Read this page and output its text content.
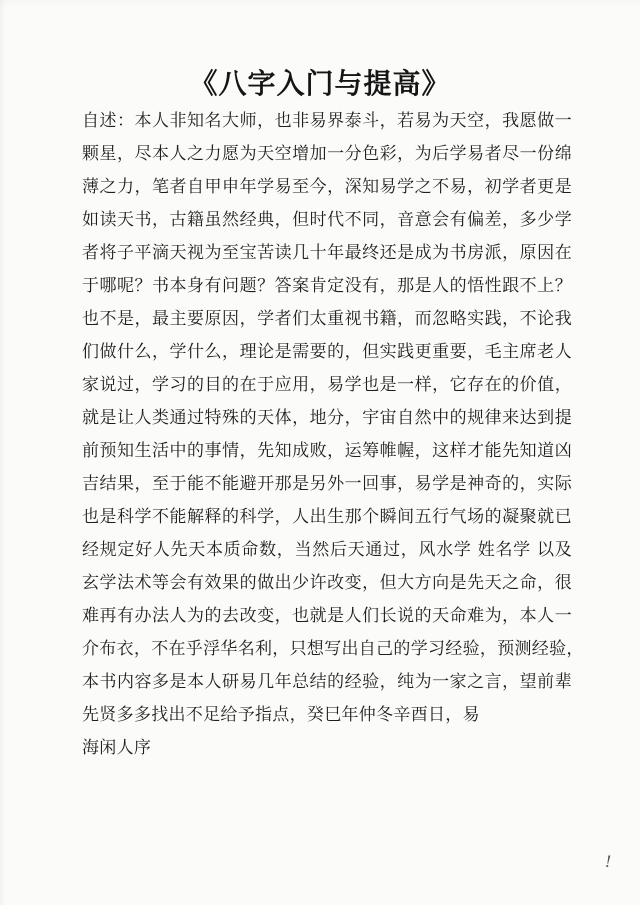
《八字入门与提高》
自述：本人非知名大师，也非易界泰斗，若易为天空，我愿做一
颗星，尽本人之力愿为天空增加一分色彩，为后学易者尽一份绵
薄之力，笔者自甲申年学易至今，深知易学之不易，初学者更是
如读天书，古籍虽然经典，但时代不同，音意会有偏差，多少学
者将子平滴天视为至宝苦读几十年最终还是成为书房派，原因在
于哪呢？书本身有问题？答案肯定没有，那是人的悟性跟不上？
也不是，最主要原因，学者们太重视书籍，而忽略实践，不论我
们做什么，学什么，理论是需要的，但实践更重要，毛主席老人
家说过，学习的目的在于应用，易学也是一样，它存在的价值，
就是让人类通过特殊的天体，地分，宇宙自然中的规律来达到提
前预知生活中的事情，先知成败，运筹帷幄，这样才能先知道凶
吉结果，至于能不能避开那是另外一回事，易学是神奇的，实际
也是科学不能解释的科学，人出生那个瞬间五行气场的凝聚就已
经规定好人先天本质命数，当然后天通过，风水学 姓名学 以及
玄学法术等会有效果的做出少许改变，但大方向是先天之命，很
难再有办法人为的去改变，也就是人们长说的天命难为，本人一
介布衣，不在乎浮华名利，只想写出自己的学习经验，预测经验，
本书内容多是本人研易几年总结的经验，纯为一家之言，望前辈
先贤多多找出不足给予指点，癸巳年仲冬辛酉日，易
海闲人序
!
